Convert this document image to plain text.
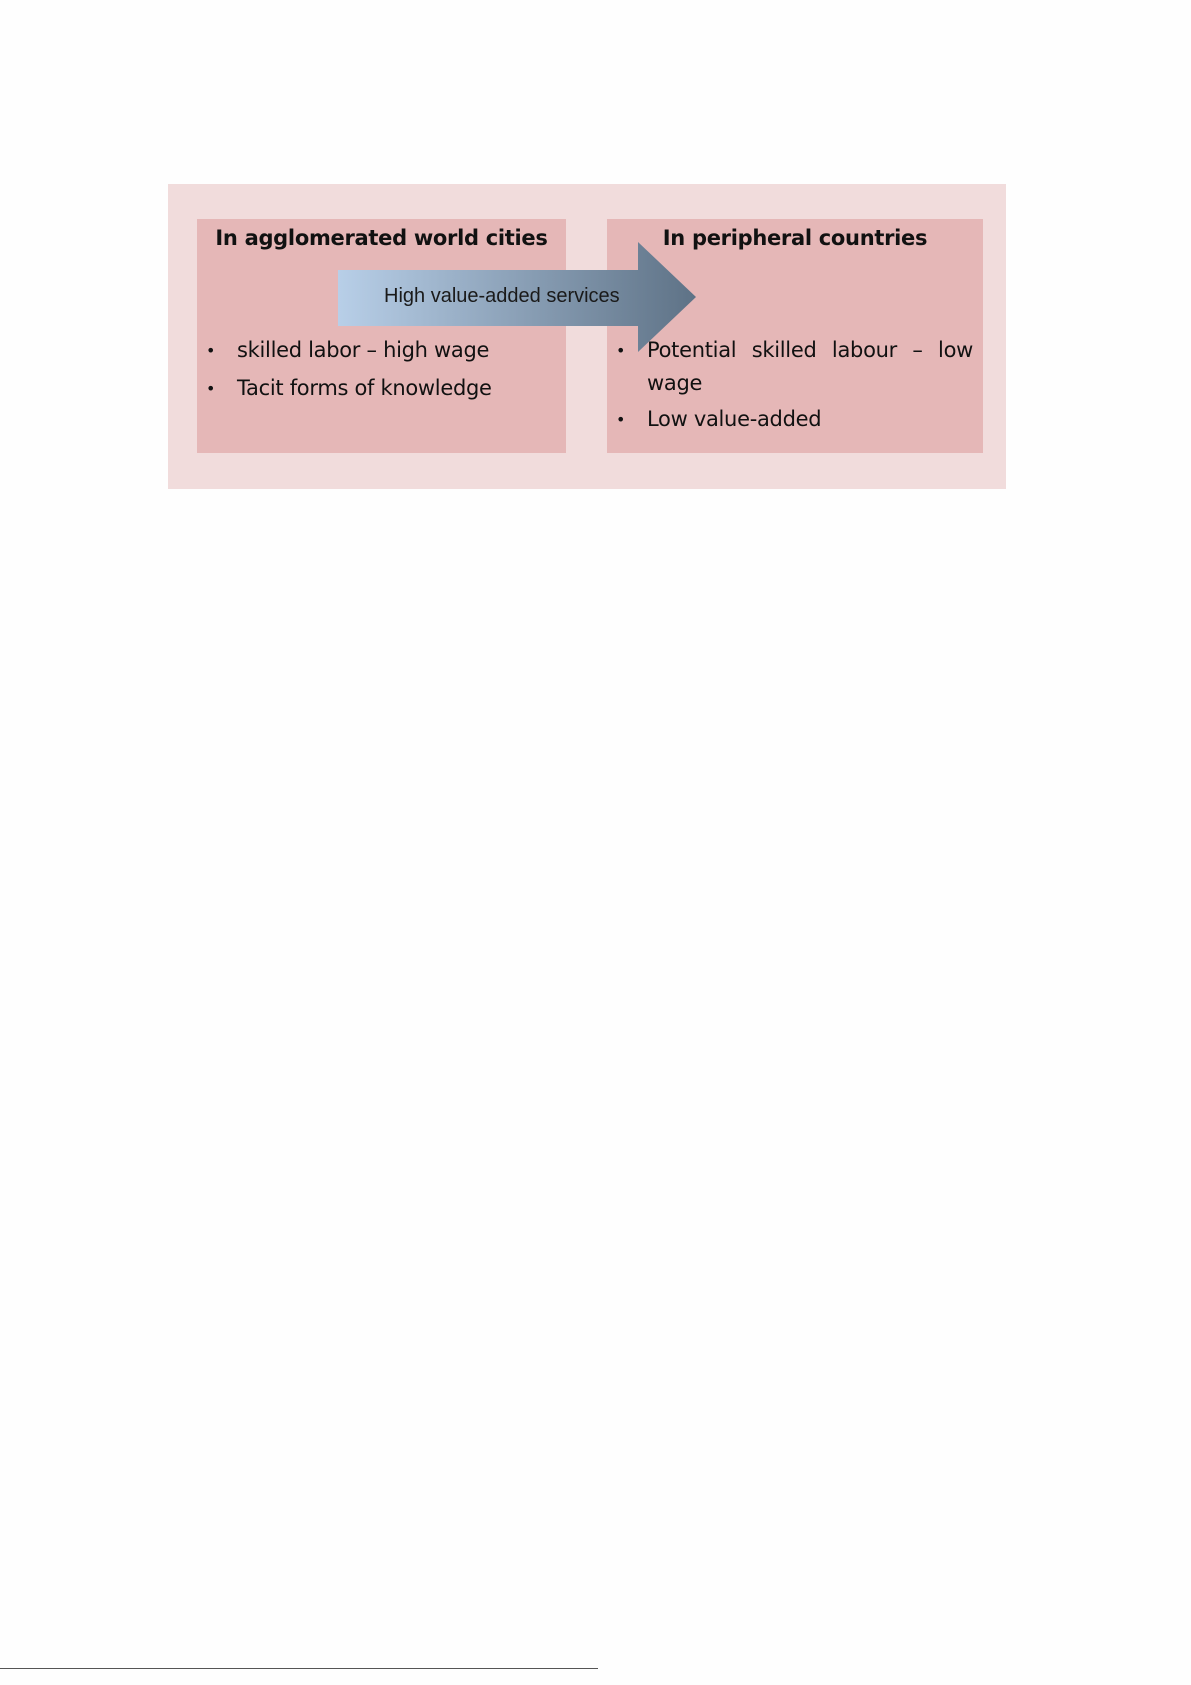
In agglomerated world cities
• skilled labor – high wage
• Tacit forms of knowledge
In peripheral countries
• Potential skilled labour – low wage
• Low value-added
High value-added services
